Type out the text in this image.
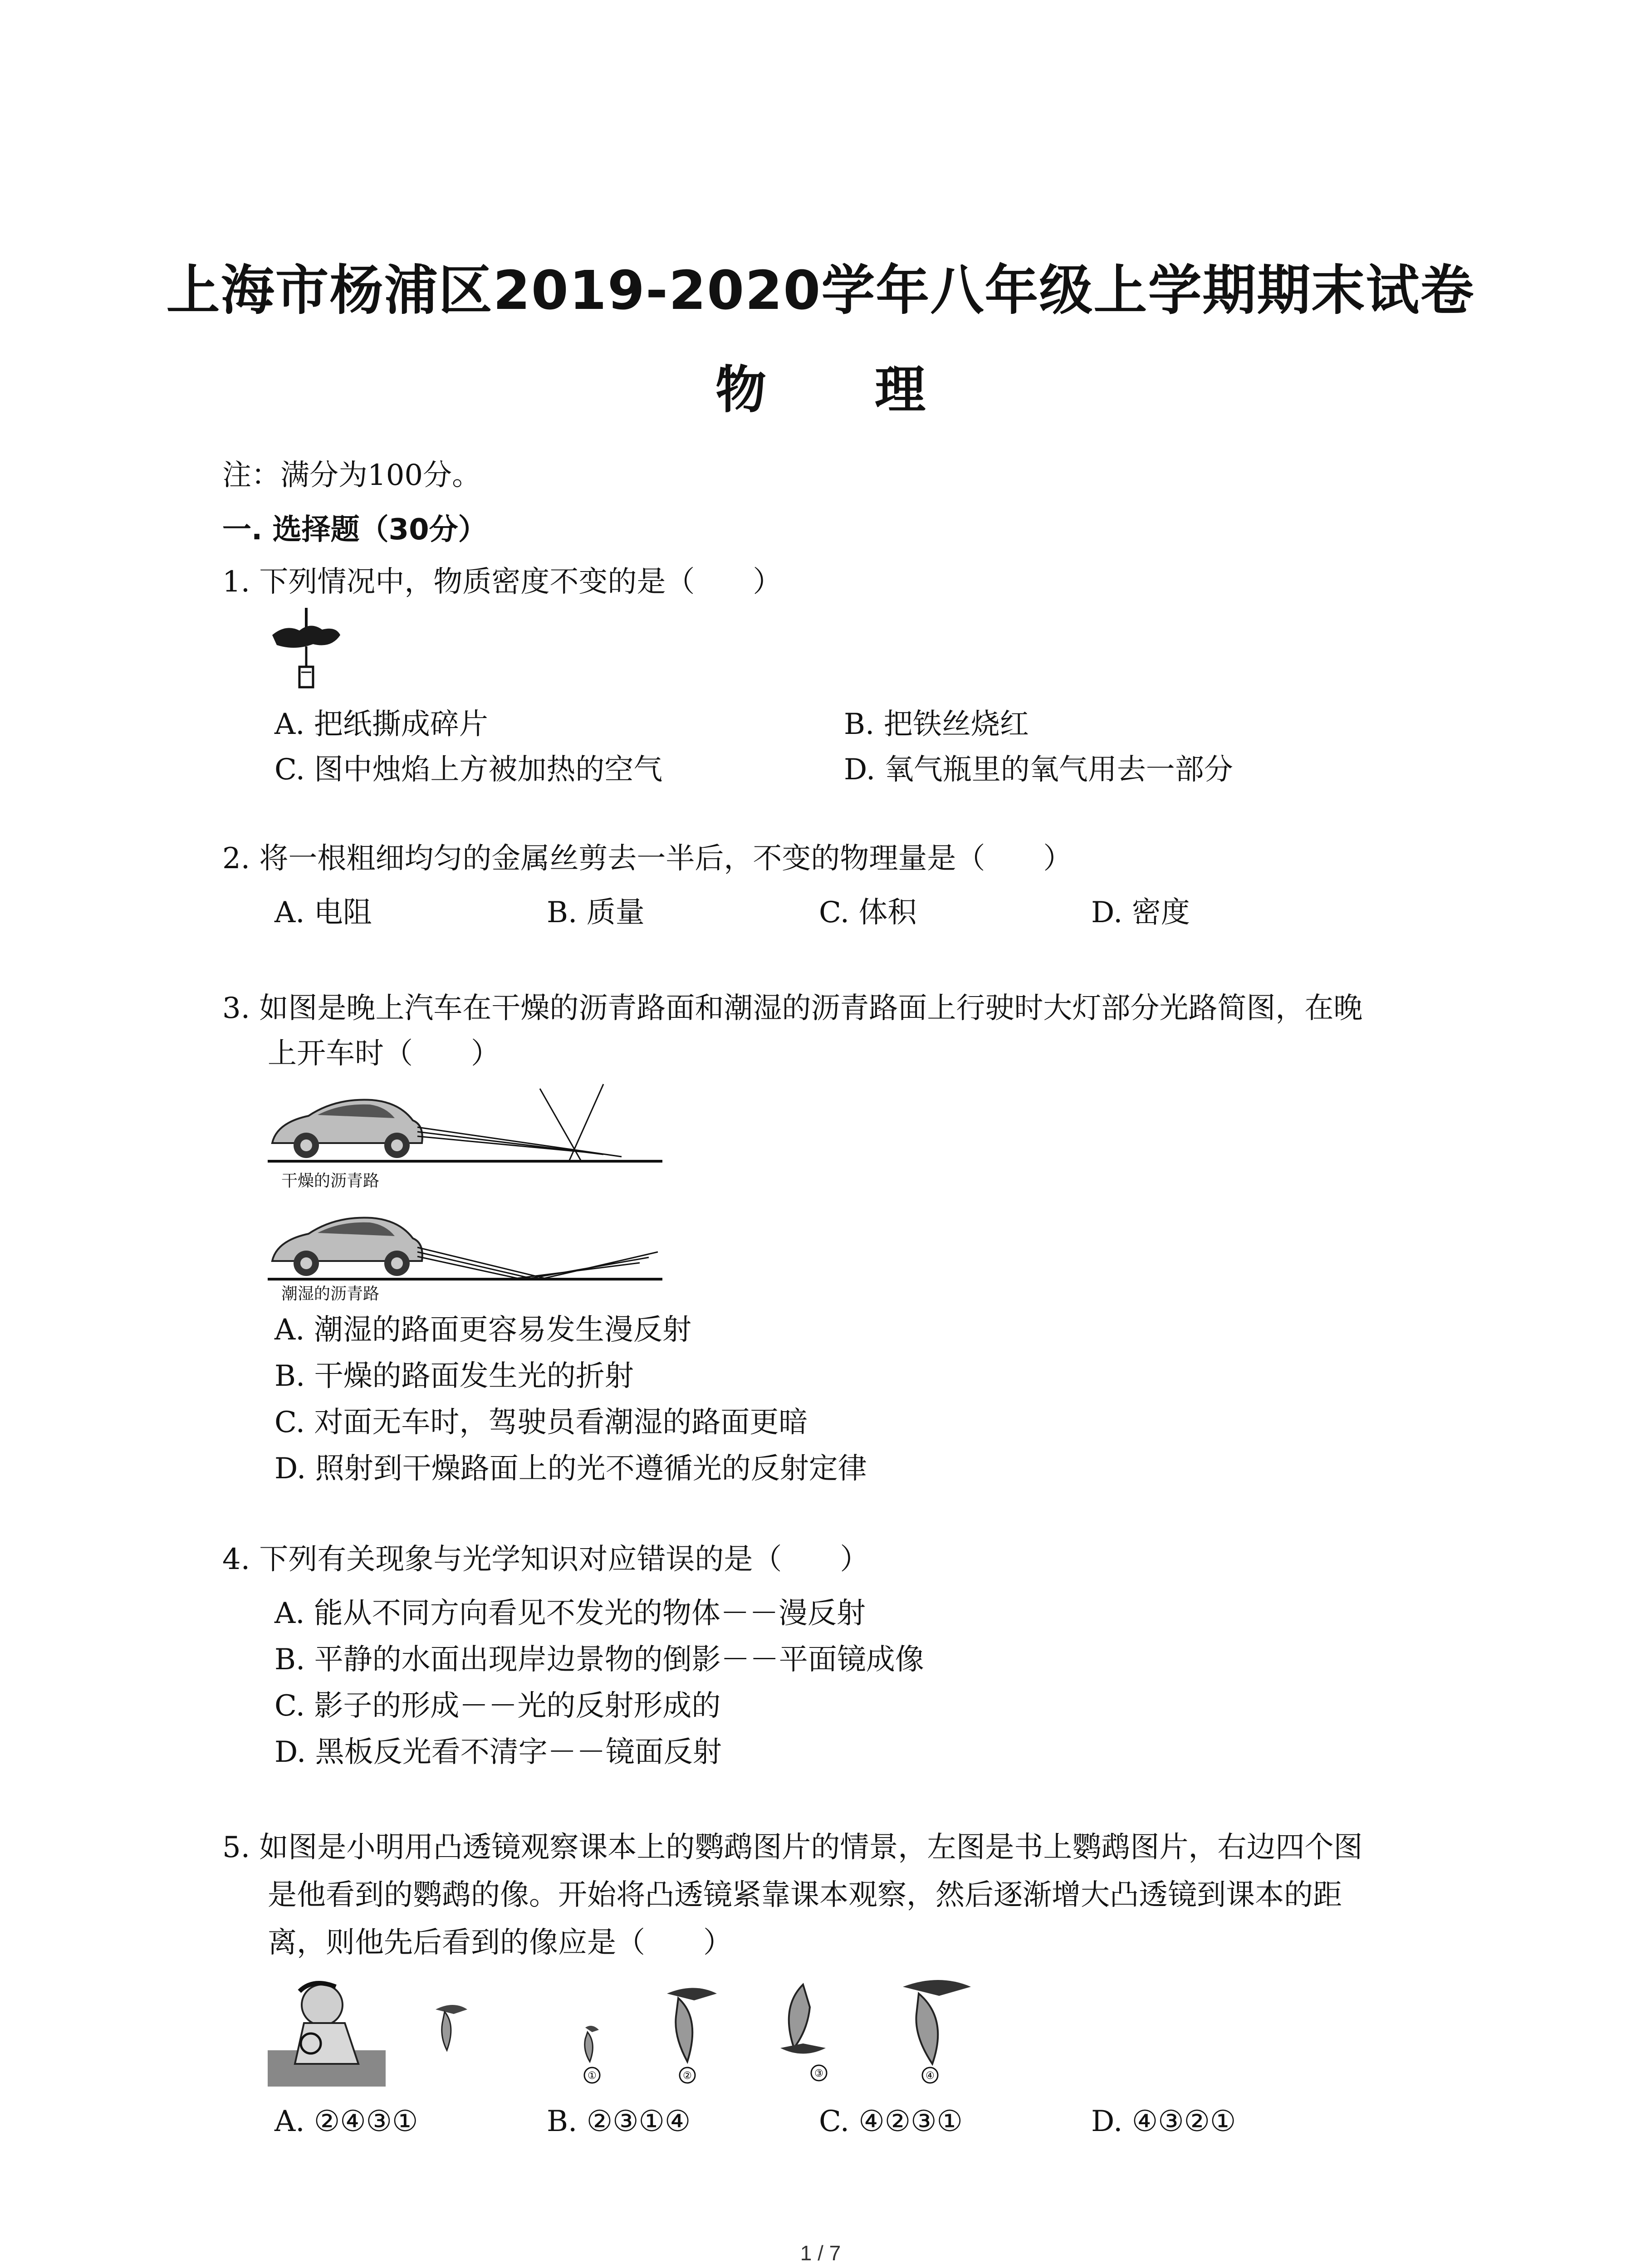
上海市杨浦区2019-2020学年八年级上学期期末试卷
物 理
注：满分为100分。
一. 选择题（30分）
1. 下列情况中，物质密度不变的是（　　）
A. 把纸撕成碎片	B. 把铁丝烧红
C. 图中烛焰上方被加热的空气	D. 氧气瓶里的氧气用去一部分
2. 将一根粗细均匀的金属丝剪去一半后，不变的物理量是（　　）
A. 电阻	B. 质量	C. 体积	D. 密度
3. 如图是晚上汽车在干燥的沥青路面和潮湿的沥青路面上行驶时大灯部分光路简图，在晚
上开车时（　　）
干燥的沥青路
潮湿的沥青路
A. 潮湿的路面更容易发生漫反射
B. 干燥的路面发生光的折射
C. 对面无车时，驾驶员看潮湿的路面更暗
D. 照射到干燥路面上的光不遵循光的反射定律
4. 下列有关现象与光学知识对应错误的是（　　）
A. 能从不同方向看见不发光的物体－－漫反射
B. 平静的水面出现岸边景物的倒影－－平面镜成像
C. 影子的形成－－光的反射形成的
D. 黑板反光看不清字－－镜面反射
5. 如图是小明用凸透镜观察课本上的鹦鹉图片的情景，左图是书上鹦鹉图片，右边四个图
是他看到的鹦鹉的像。开始将凸透镜紧靠课本观察，然后逐渐增大凸透镜到课本的距
离，则他先后看到的像应是（　　）
①	②	③	④
A. ②④③①	B. ②③①④	C. ④②③①	D. ④③②①
1 / 7
